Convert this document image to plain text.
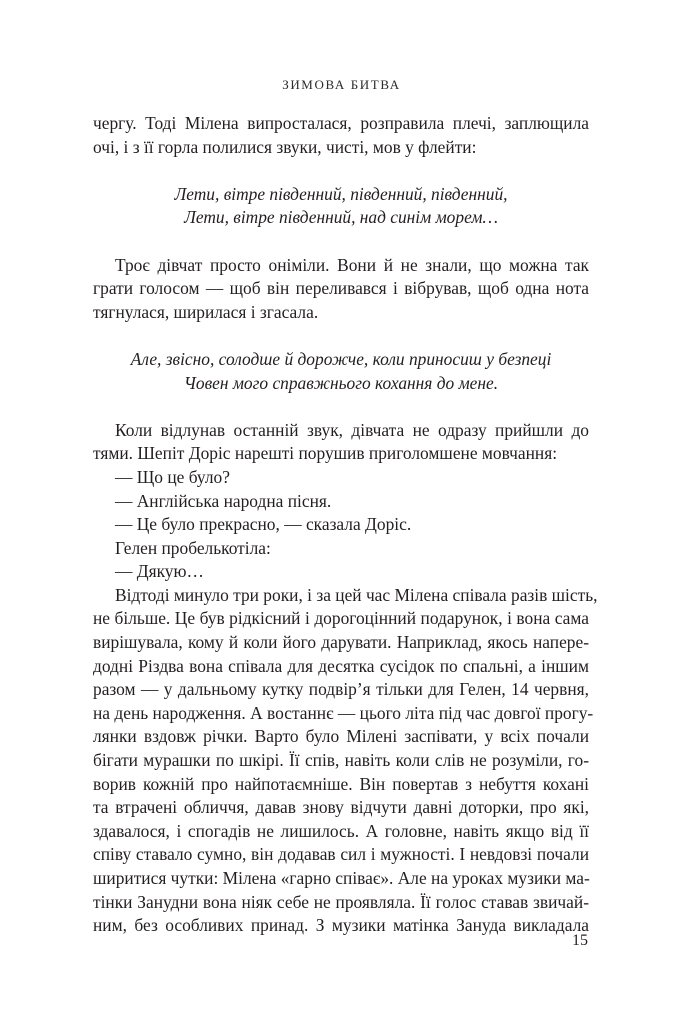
ЗИМОВА БИТВА
чергу. Тоді Мілена випросталася, розправила плечі, заплющила
очі, і з її горла полилися звуки, чисті, мов у флейти:
Лети, вітре південний, південний, південний,
Лети, вітре південний, над синім морем…
Троє дівчат просто оніміли. Вони й не знали, що можна так
грати голосом — щоб він переливався і вібрував, щоб одна нота
тягнулася, ширилася і згасала.
Але, звісно, солодше й дорожче, коли приносиш у безпеці
Човен мого справжнього кохання до мене.
Коли відлунав останній звук, дівчата не одразу прийшли до
тями. Шепіт Доріс нарешті порушив приголомшене мовчання:
— Що це було?
— Англійська народна пісня.
— Це було прекрасно, — сказала Доріс.
Гелен пробелькотіла:
— Дякую…
Відтоді минуло три роки, і за цей час Мілена співала разів шість,
не більше. Це був рідкісний і дорогоцінний подарунок, і вона сама
вирішувала, кому й коли його дарувати. Наприклад, якось напере-
додні Різдва вона співала для десятка сусідок по спальні, а іншим
разом — у дальньому кутку подвір’я тільки для Гелен, 14 червня,
на день народження. А востаннє — цього літа під час довгої прогу-
лянки вздовж річки. Варто було Мілені заспівати, у всіх почали
бігати мурашки по шкірі. Її спів, навіть коли слів не розуміли, го-
ворив кожній про найпотаємніше. Він повертав з небуття кохані
та втрачені обличчя, давав знову відчути давні доторки, про які,
здавалося, і спогадів не лишилось. А головне, навіть якщо від її
співу ставало сумно, він додавав сил і мужності. І невдовзі почали
ширитися чутки: Мілена «гарно співає». Але на уроках музики ма-
тінки Занудни вона ніяк себе не проявляла. Її голос ставав звичай-
ним, без особливих принад. З музики матінка Зануда викладала
15
